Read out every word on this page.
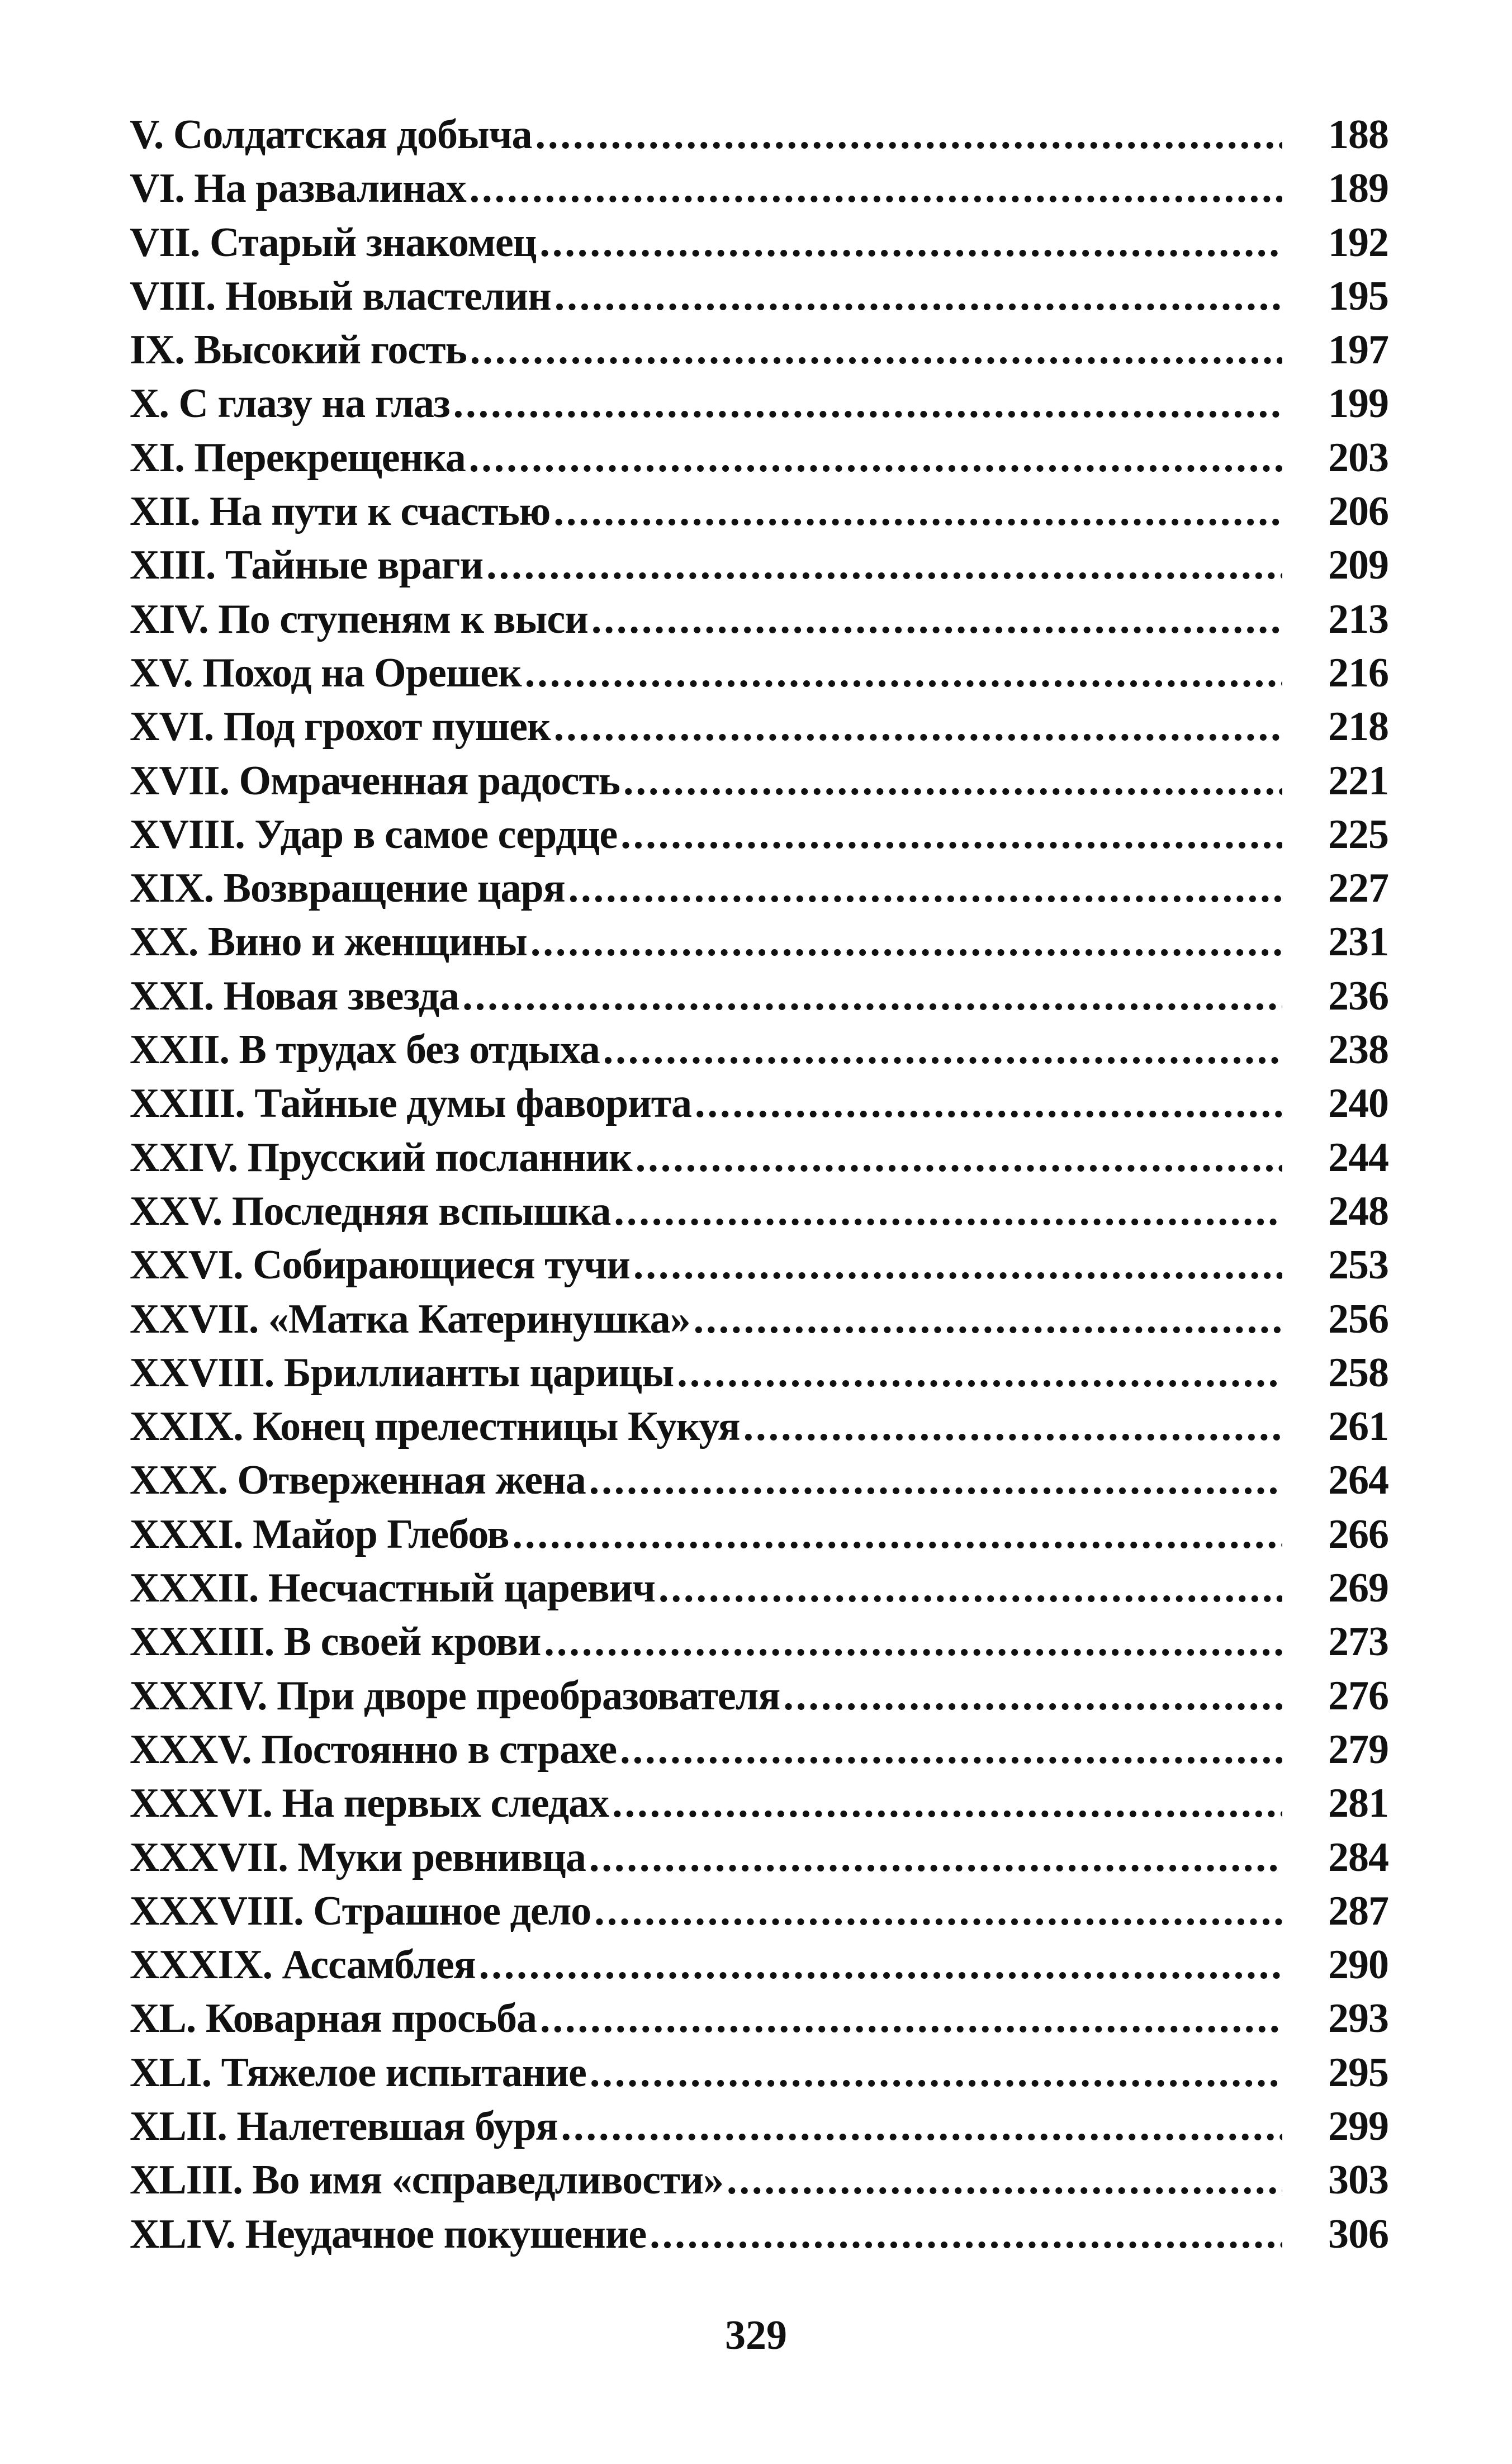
V. Солдатская добыча .....	188
VI. На развалинах .....	189
VII. Старый знакомец .....	192
VIII. Новый властелин .....	195
IX. Высокий гость .....	197
X. С глазу на глаз .....	199
XI. Перекрещенка .....	203
XII. На пути к счастью .....	206
XIII. Тайные враги .....	209
XIV. По ступеням к выси .....	213
XV. Поход на Орешек .....	216
XVI. Под грохот пушек .....	218
XVII. Омраченная радость .....	221
XVIII. Удар в самое сердце .....	225
XIX. Возвращение царя .....	227
XX. Вино и женщины .....	231
XXI. Новая звезда .....	236
XXII. В трудах без отдыха .....	238
XXIII. Тайные думы фаворита .....	240
XXIV. Прусский посланник .....	244
XXV. Последняя вспышка .....	248
XXVI. Собирающиеся тучи .....	253
XXVII. «Матка Катеринушка» .....	256
XXVIII. Бриллианты царицы .....	258
XXIX. Конец прелестницы Кукуя .....	261
XXX. Отверженная жена .....	264
XXXI. Майор Глебов .....	266
XXXII. Несчастный царевич .....	269
XXXIII. В своей крови .....	273
XXXIV. При дворе преобразователя .....	276
XXXV. Постоянно в страхе .....	279
XXXVI. На первых следах .....	281
XXXVII. Муки ревнивца .....	284
XXXVIII. Страшное дело .....	287
XXXIX. Ассамблея .....	290
XL. Коварная просьба .....	293
XLI. Тяжелое испытание .....	295
XLII. Налетевшая буря .....	299
XLIII. Во имя «справедливости» .....	303
XLIV. Неудачное покушение .....	306
329
